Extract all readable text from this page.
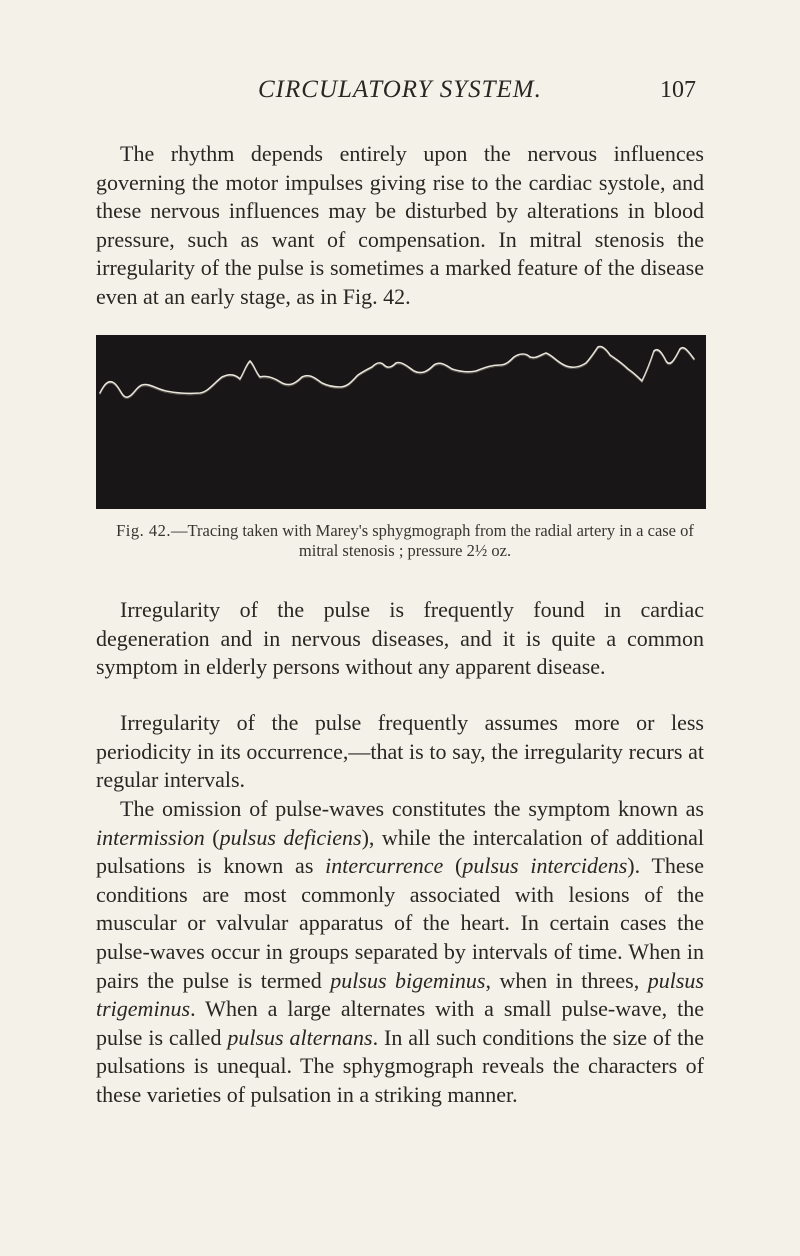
CIRCULATORY SYSTEM.	107

The rhythm depends entirely upon the nervous influences governing the motor impulses giving rise to the cardiac systole, and these nervous influences may be disturbed by alterations in blood pressure, such as want of compensation. In mitral stenosis the irregularity of the pulse is sometimes a marked feature of the disease even at an early stage, as in Fig. 42.

Fig. 42.—Tracing taken with Marey's sphygmograph from the radial artery in a case of mitral stenosis ; pressure 2½ oz.

Irregularity of the pulse is frequently found in cardiac degeneration and in nervous diseases, and it is quite a common symptom in elderly persons without any apparent disease.

Irregularity of the pulse frequently assumes more or less periodicity in its occurrence,—that is to say, the irregularity recurs at regular intervals.

The omission of pulse-waves constitutes the symptom known as intermission (pulsus deficiens), while the intercalation of additional pulsations is known as intercurrence (pulsus intercidens). These conditions are most commonly associated with lesions of the muscular or valvular apparatus of the heart. In certain cases the pulse-waves occur in groups separated by intervals of time. When in pairs the pulse is termed pulsus bigeminus, when in threes, pulsus trigeminus. When a large alternates with a small pulse-wave, the pulse is called pulsus alternans. In all such conditions the size of the pulsations is unequal. The sphygmograph reveals the characters of these varieties of pulsation in a striking manner.
